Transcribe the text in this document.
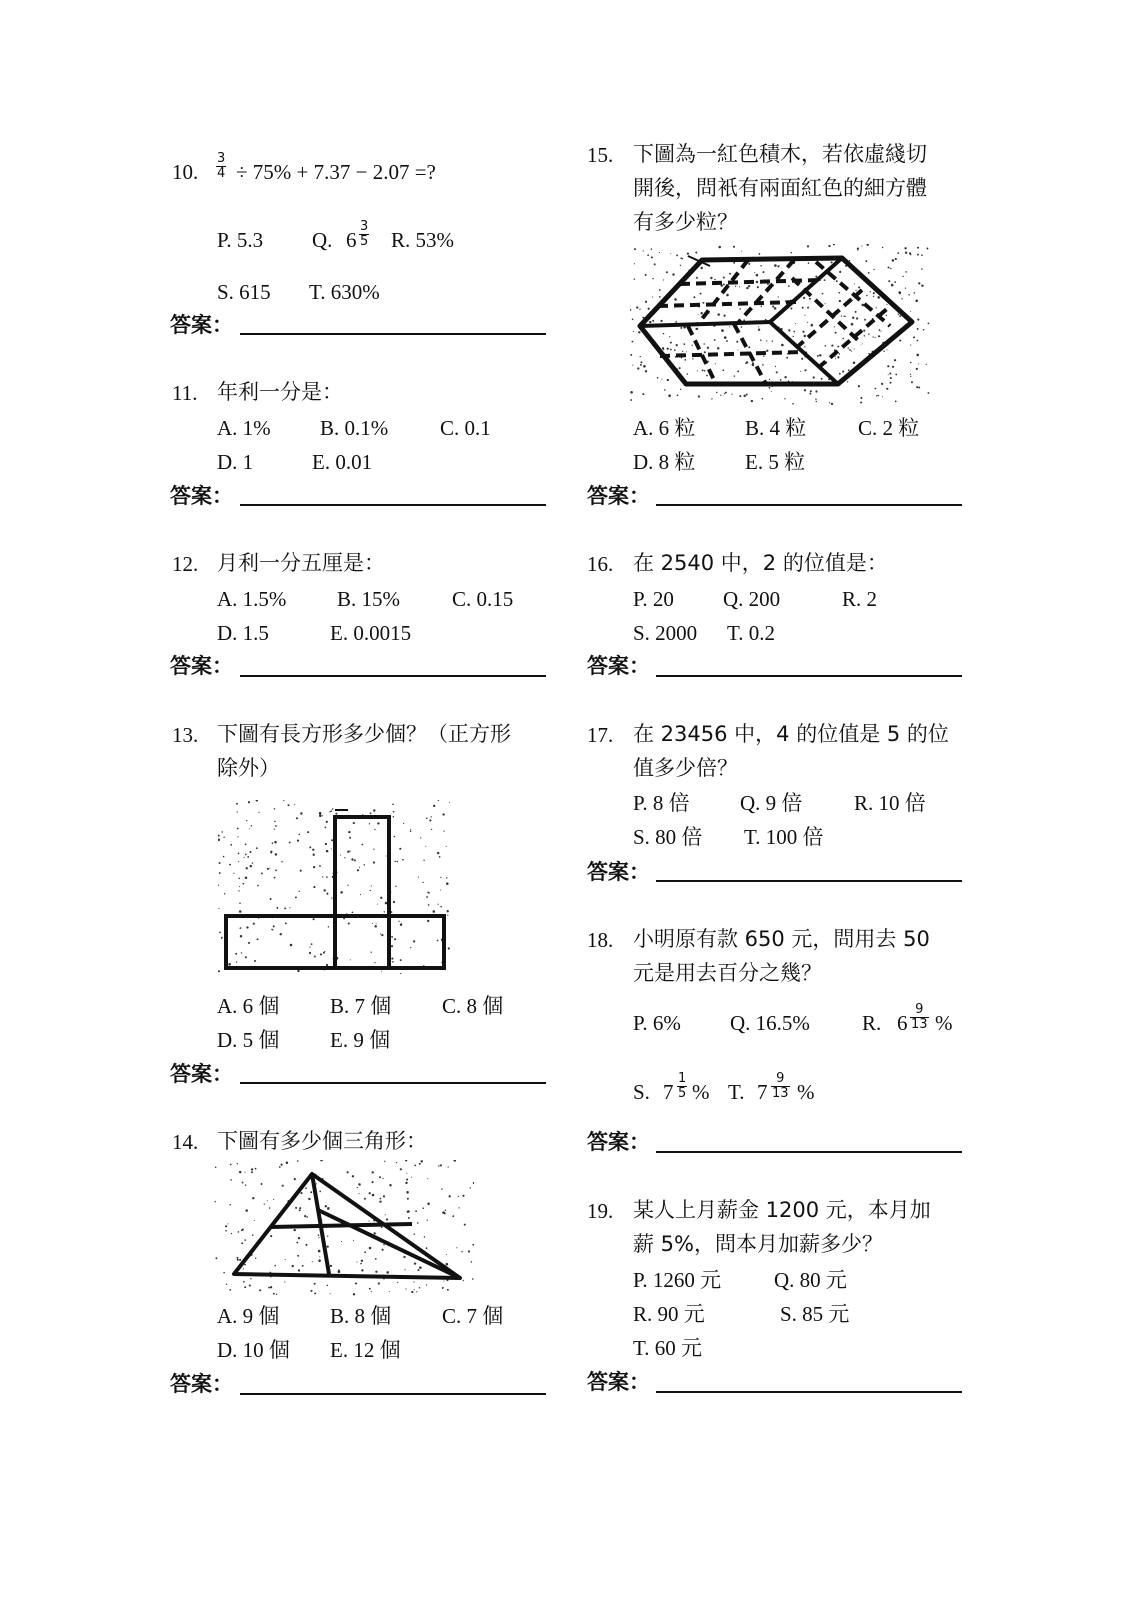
10. $\frac{3}{4} \div 75\% + 7.37 - 2.07$ =?
P. 5.3 Q. $6 \frac{3}{5} R$. 53%
S. 615 T. 630%
答案：
11. 年利一分是：
A. 1% B. 0.1% C. 0.1
D. 1	E. 0.01
答案：
12. 月利一分五厘是：
A. 1.5% B. 15% C. 0.15
D. 1.5	E. 0.0015
答案：
13. 下圖有長方形多少個？（正方形
除外）
A. 6 個 B. 7 個 C. 8 個
D. 5 個 E. 9 個
答案：
14. 下圖有多少個三角形：
A. 9 個 B. 8 個 C. 7 個
D. 10 個 E. 12 個
答案：
15. 下圖為一紅色積木，若依虛綫切
開後，問衹有兩面紅色的細方體
有多少粒？
A. 6 粒 B. 4 粒 C. 2 粒
D. 8 粒 E. 5 粒
答案：
16. 在 2540 中，2 的位值是：
P. 20 Q. 200	R. 2
S. 2000 T. 0.2
答案：
17. 在 23456 中，4 的位值是 5 的位
值多少倍？
P. 8 倍 Q. 9 倍 R. 10 倍
S. 80 倍 T. 100 倍
答案：
18. 小明原有款 650 元，問用去 50
元是用去百分之幾？
P. 6% Q. 16.5% R. $6 \frac{9}{13}$ %
S. $7 \frac{1}{5}$ % T. $7 \frac{9}{13}$ %
答案：
19. 某人上月薪金 1200 元，本月加
薪 5%，問本月加薪多少？
P. 1260 元	Q. 80 元
R. 90 元	S. 85 元
T. 60 元
答案：
